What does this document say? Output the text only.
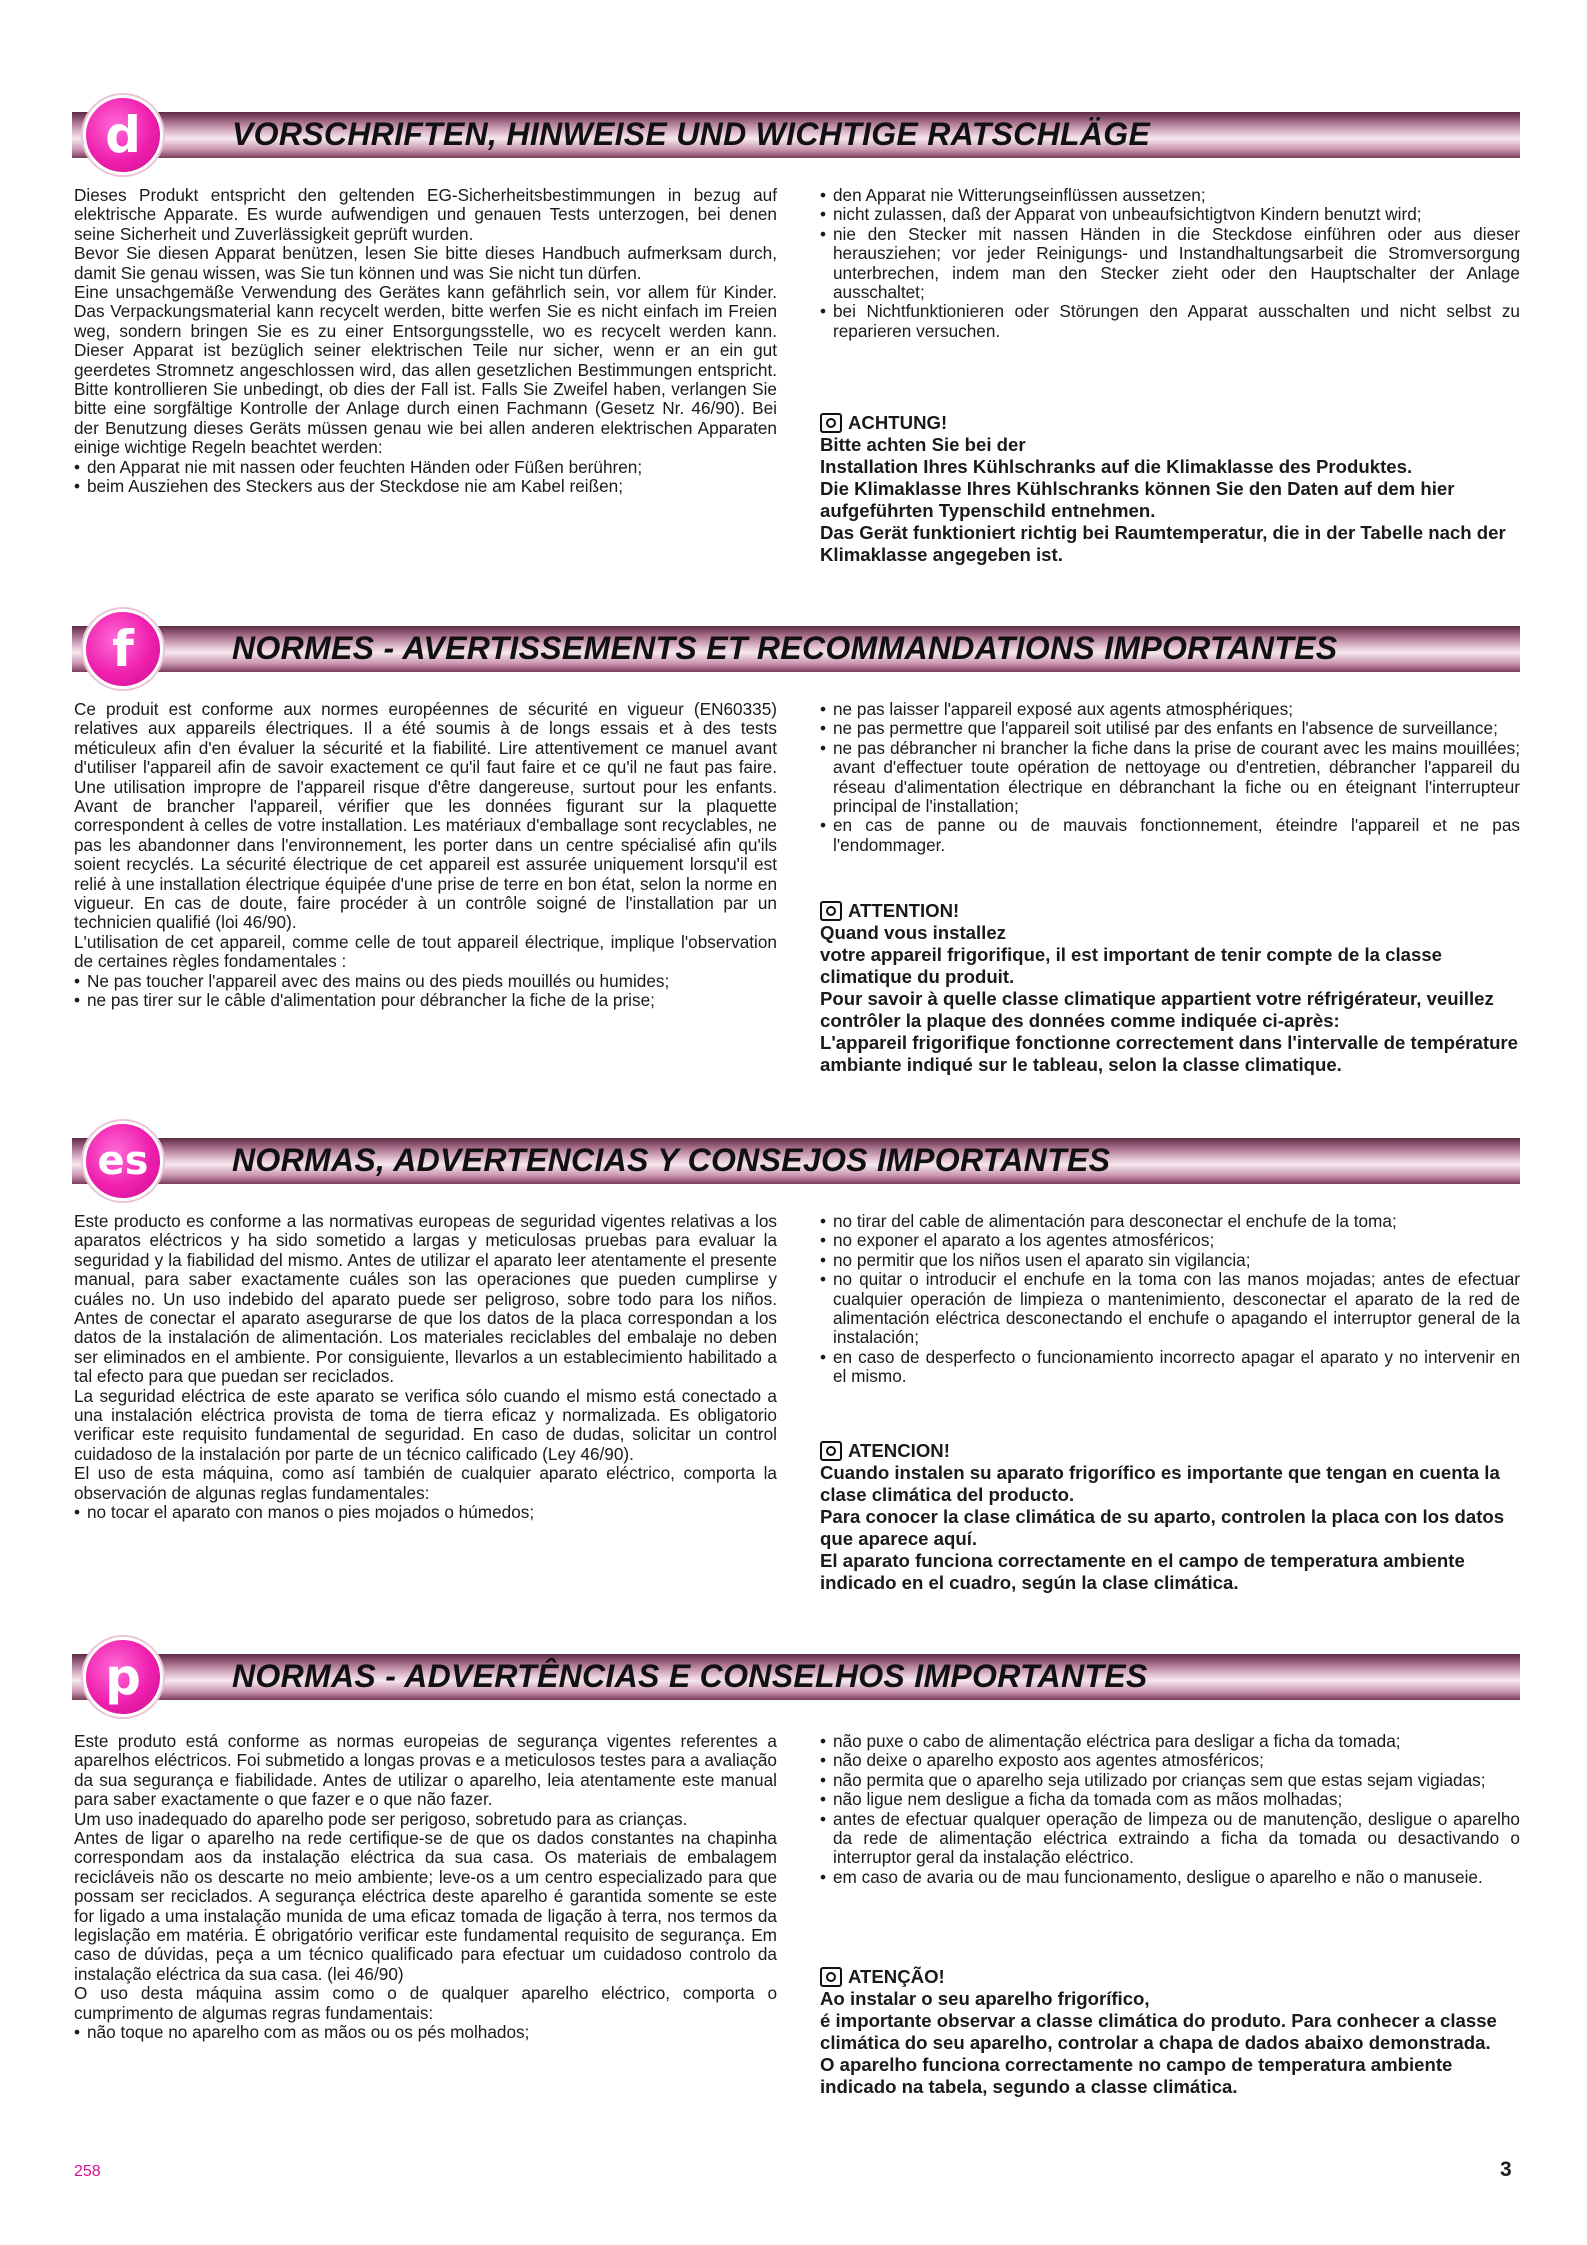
d	VORSCHRIFTEN, HINWEISE UND WICHTIGE RATSCHLÄGE

Dieses Produkt entspricht den geltenden EG-Sicherheitsbestimmungen in bezug auf elektrische Apparate. Es wurde aufwendigen und genauen Tests unterzogen, bei denen seine Sicherheit und Zuverlässigkeit geprüft wurden.

Bevor Sie diesen Apparat benützen, lesen Sie bitte dieses Handbuch aufmerksam durch, damit Sie genau wissen, was Sie tun können und was Sie nicht tun dürfen.

Eine unsachgemäße Verwendung des Gerätes kann gefährlich sein, vor allem für Kinder. Das Verpackungsmaterial kann recycelt werden, bitte werfen Sie es nicht einfach im Freien weg, sondern bringen Sie es zu einer Entsorgungsstelle, wo es recycelt werden kann. Dieser Apparat ist bezüglich seiner elektrischen Teile nur sicher, wenn er an ein gut geerdetes Stromnetz angeschlossen wird, das allen gesetzlichen Bestimmungen entspricht. Bitte kontrollieren Sie unbedingt, ob dies der Fall ist. Falls Sie Zweifel haben, verlangen Sie bitte eine sorgfältige Kontrolle der Anlage durch einen Fachmann (Gesetz Nr. 46/90). Bei der Benutzung dieses Geräts müssen genau wie bei allen anderen elektrischen Apparaten einige wichtige Regeln beachtet werden:

• den Apparat nie mit nassen oder feuchten Händen oder Füßen berühren;
• beim Ausziehen des Steckers aus der Steckdose nie am Kabel reißen;
• den Apparat nie Witterungseinflüssen aussetzen;
• nicht zulassen, daß der Apparat von unbeaufsichtigtvon Kindern benutzt wird;
• nie den Stecker mit nassen Händen in die Steckdose einführen oder aus dieser herausziehen; vor jeder Reinigungs- und Instandhaltungsarbeit die Stromversorgung unterbrechen, indem man den Stecker zieht oder den Hauptschalter der Anlage ausschaltet;
• bei Nichtfunktionieren oder Störungen den Apparat ausschalten und nicht selbst zu reparieren versuchen.
ACHTUNG!

Bitte achten Sie bei der

Installation Ihres Kühlschranks auf die Klimaklasse des Produktes.

Die Klimaklasse Ihres Kühlschranks können Sie den Daten auf dem hier aufgeführten Typenschild entnehmen.

Das Gerät funktioniert richtig bei Raumtemperatur, die in der Tabelle nach der Klimaklasse angegeben ist.

f	NORMES - AVERTISSEMENTS ET RECOMMANDATIONS IMPORTANTES

Ce produit est conforme aux normes européennes de sécurité en vigueur (EN60335) relatives aux appareils électriques. Il a été soumis à de longs essais et à des tests méticuleux afin d'en évaluer la sécurité et la fiabilité. Lire attentivement ce manuel avant d'utiliser l'appareil afin de savoir exactement ce qu'il faut faire et ce qu'il ne faut pas faire. Une utilisation impropre de l'appareil risque d'être dangereuse, surtout pour les enfants. Avant de brancher l'appareil, vérifier que les données figurant sur la plaquette correspondent à celles de votre installation. Les matériaux d'emballage sont recyclables, ne pas les abandonner dans l'environnement, les porter dans un centre spécialisé afin qu'ils soient recyclés. La sécurité électrique de cet appareil est assurée uniquement lorsqu'il est relié à une installation électrique équipée d'une prise de terre en bon état, selon la norme en vigueur. En cas de doute, faire procéder à un contrôle soigné de l'installation par un technicien qualifié (loi 46/90).

L'utilisation de cet appareil, comme celle de tout appareil électrique, implique l'observation de certaines règles fondamentales :

• Ne pas toucher l'appareil avec des mains ou des pieds mouillés ou humides;
• ne pas tirer sur le câble d'alimentation pour débrancher la fiche de la prise;
• ne pas laisser l'appareil exposé aux agents atmosphériques;
• ne pas permettre que l'appareil soit utilisé par des enfants en l'absence de surveillance;
• ne pas débrancher ni brancher la fiche dans la prise de courant avec les mains mouillées; avant d'effectuer toute opération de nettoyage ou d'entretien, débrancher l'appareil du réseau d'alimentation électrique en débranchant la fiche ou en éteignant l'interrupteur principal de l'installation;
• en cas de panne ou de mauvais fonctionnement, éteindre l'appareil et ne pas l'endommager.
ATTENTION!

Quand vous installez

votre appareil frigorifique, il est important de tenir compte de la classe climatique du produit.

Pour savoir à quelle classe climatique appartient votre réfrigérateur, veuillez contrôler la plaque des données comme indiquée ci-après:

L'appareil frigorifique fonctionne correctement dans l'intervalle de température ambiante indiqué sur le tableau, selon la classe climatique.

es	NORMAS, ADVERTENCIAS Y CONSEJOS IMPORTANTES

Este producto es conforme a las normativas europeas de seguridad vigentes relativas a los aparatos eléctricos y ha sido sometido a largas y meticulosas pruebas para evaluar la seguridad y la fiabilidad del mismo. Antes de utilizar el aparato leer atentamente el presente manual, para saber exactamente cuáles son las operaciones que pueden cumplirse y cuáles no. Un uso indebido del aparato puede ser peligroso, sobre todo para los niños. Antes de conectar el aparato asegurarse de que los datos de la placa correspondan a los datos de la instalación de alimentación. Los materiales reciclables del embalaje no deben ser eliminados en el ambiente. Por consiguiente, llevarlos a un establecimiento habilitado a tal efecto para que puedan ser reciclados.

La seguridad eléctrica de este aparato se verifica sólo cuando el mismo está conectado a una instalación eléctrica provista de toma de tierra eficaz y normalizada. Es obligatorio verificar este requisito fundamental de seguridad. En caso de dudas, solicitar un control cuidadoso de la instalación por parte de un técnico calificado (Ley 46/90).

El uso de esta máquina, como así también de cualquier aparato eléctrico, comporta la observación de algunas reglas fundamentales:

• no tocar el aparato con manos o pies mojados o húmedos;
• no tirar del cable de alimentación para desconectar el enchufe de la toma;
• no exponer el aparato a los agentes atmosféricos;
• no permitir que los niños usen el aparato sin vigilancia;
• no quitar o introducir el enchufe en la toma con las manos mojadas; antes de efectuar cualquier operación de limpieza o mantenimiento, desconectar el aparato de la red de alimentación eléctrica desconectando el enchufe o apagando el interruptor general de la instalación;
• en caso de desperfecto o funcionamiento incorrecto apagar el aparato y no intervenir en el mismo.
ATENCION!

Cuando instalen su aparato frigorífico es importante que tengan en cuenta la clase climática del producto.

Para conocer la clase climática de su aparto, controlen la placa con los datos que aparece aquí.

El aparato funciona correctamente en el campo de temperatura ambiente indicado en el cuadro, según la clase climática.

p	NORMAS - ADVERTÊNCIAS E CONSELHOS IMPORTANTES

Este produto está conforme as normas europeias de segurança vigentes referentes a aparelhos eléctricos. Foi submetido a longas provas e a meticulosos testes para a avaliação da sua segurança e fiabilidade. Antes de utilizar o aparelho, leia atentamente este manual para saber exactamente o que fazer e o que não fazer.

Um uso inadequado do aparelho pode ser perigoso, sobretudo para as crianças.

Antes de ligar o aparelho na rede certifique-se de que os dados constantes na chapinha correspondam aos da instalação eléctrica da sua casa. Os materiais de embalagem recicláveis não os descarte no meio ambiente; leve-os a um centro especializado para que possam ser reciclados. A segurança eléctrica deste aparelho é garantida somente se este for ligado a uma instalação munida de uma eficaz tomada de ligação à terra, nos termos da legislação em matéria. É obrigatório verificar este fundamental requisito de segurança. Em caso de dúvidas, peça a um técnico qualificado para efectuar um cuidadoso controlo da instalação eléctrica da sua casa. (lei 46/90)

O uso desta máquina assim como o de qualquer aparelho eléctrico, comporta o cumprimento de algumas regras fundamentais:

• não toque no aparelho com as mãos ou os pés molhados;
• não puxe o cabo de alimentação eléctrica para desligar a ficha da tomada;
• não deixe o aparelho exposto aos agentes atmosféricos;
• não permita que o aparelho seja utilizado por crianças sem que estas sejam vigiadas;
• não ligue nem desligue a ficha da tomada com as mãos molhadas;
• antes de efectuar qualquer operação de limpeza ou de manutenção, desligue o aparelho da rede de alimentação eléctrica extraindo a ficha da tomada ou desactivando o interruptor geral da instalação eléctrico.
• em caso de avaria ou de mau funcionamento, desligue o aparelho e não o manuseie.
ATENÇÃO!

Ao instalar o seu aparelho frigorífico,

é importante observar a classe climática do produto. Para conhecer a classe climática do seu aparelho, controlar a chapa de dados abaixo demonstrada.

O aparelho funciona correctamente no campo de temperatura ambiente indicado na tabela, segundo a classe climática.

258	3
